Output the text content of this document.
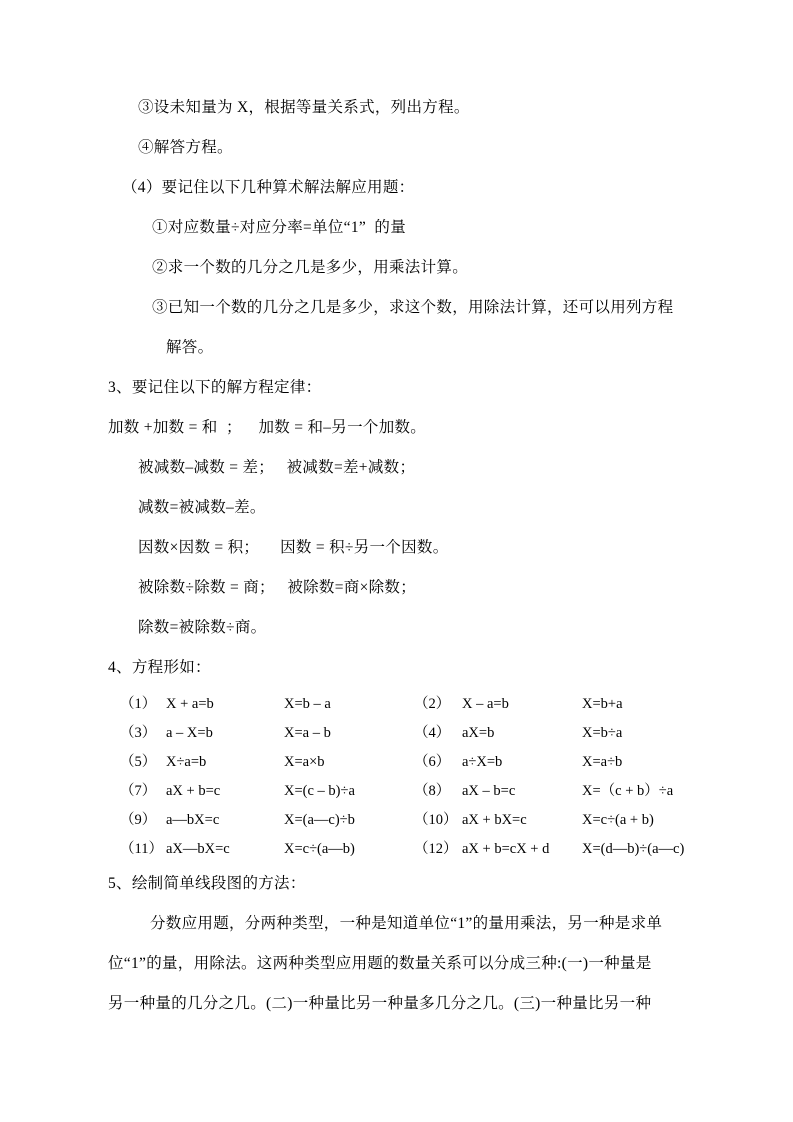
③设未知量为 X，根据等量关系式，列出方程。
④解答方程。
（4）要记住以下几种算术解法解应用题：
①对应数量÷对应分率=单位“1”  的量
②求一个数的几分之几是多少，用乘法计算。
③已知一个数的几分之几是多少，求这个数，用除法计算，还可以用列方程
解答。
3、要记住以下的解方程定律：
加数 +加数 = 和  ；    加数 = 和–另一个加数。
被减数–减数 = 差；   被减数=差+减数；
减数=被减数–差。
因数×因数 = 积；     因数 = 积÷另一个因数。
被除数÷除数 = 商；   被除数=商×除数；
除数=被除数÷商。
4、方程形如：
（1） X + a=b	X=b – a	（2） X – a=b	X=b+a
（3） a – X=b	X=a – b	（4） aX=b	X=b÷a
（5） X÷a=b	X=a×b	（6） a÷X=b	X=a÷b
（7） aX + b=c	X=(c – b)÷a	（8） aX – b=c	X=（c + b）÷a
（9） a—bX=c	X=(a—c)÷b	（10） aX + bX=c	X=c÷(a + b)
（11） aX—bX=c	X=c÷(a—b)	（12） aX + b=cX + d	X=(d—b)÷(a—c)
5、绘制简单线段图的方法：
分数应用题，分两种类型，一种是知道单位“1”的量用乘法，另一种是求单
位“1”的量，用除法。这两种类型应用题的数量关系可以分成三种:(一)一种量是
另一种量的几分之几。(二)一种量比另一种量多几分之几。(三)一种量比另一种
